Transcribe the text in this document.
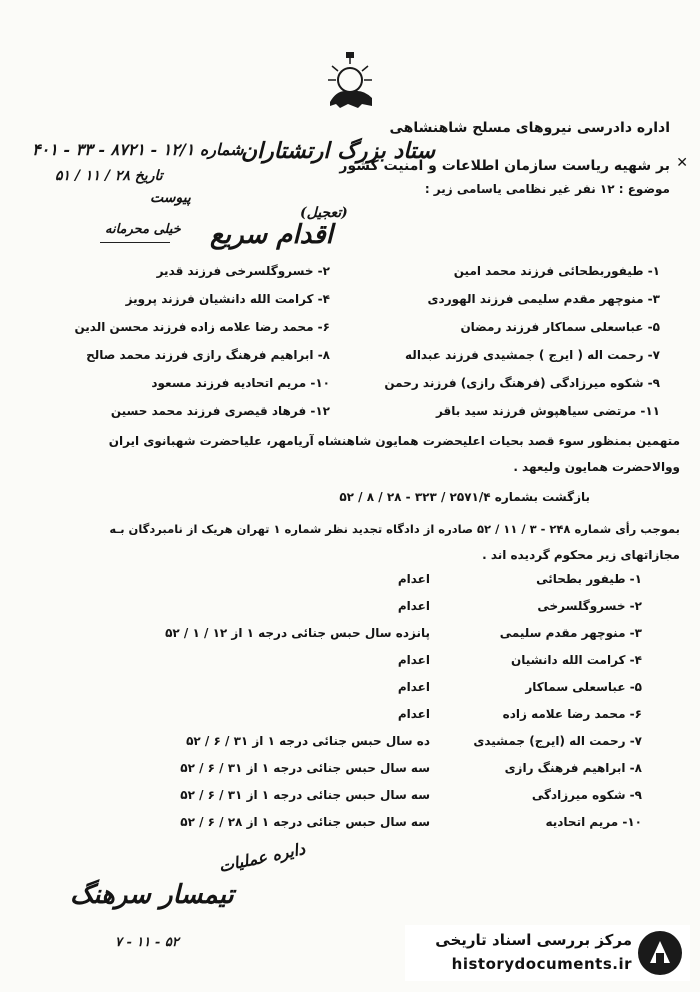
اداره دادرسی نیروهای مسلح شاهنشاهی
ستاد بزرگ ارتشتاران
بر شهیه ریاست سازمان اطلاعات و امنیت کشور ✕
موضوع : ۱۲ نفر غیر نظامی یاسامی زیر :
شماره ۱۲/۱ - ۸۷۲۱ - ۳۳ - ۴۰۱
تاریخ ۲۸ / ۱۱ / ۵۱
پیوست
خیلی محرمانه
(تعجیل)
اقدام سریع
۱- طیفوربطحائی فرزند محمد امین
۲- خسروگلسرخی فرزند قدیر
۳- منوچهر مقدم سلیمی فرزند الهوردی
۴- کرامت الله دانشیان فرزند پرویز
۵- عباسعلی سماکار فرزند رمضان
۶- محمد رضا علامه زاده فرزند محسن الدین
۷- رحمت اله ( ایرج ) جمشیدی فرزند عبداله
۸- ابراهیم فرهنگ رازی فرزند محمد صالح
۹- شکوه میرزادگی (فرهنگ رازی) فرزند رحمن
۱۰- مریم اتحادیه فرزند مسعود
۱۱- مرتضی سیاهپوش فرزند سید باقر
۱۲- فرهاد قیصری فرزند محمد حسین
متهمین بمنظور سوء قصد بحیات اعلیحضرت همایون شاهنشاه آریامهر، علیاحضرت شهبانوی ایران
ووالاحضرت همایون ولیعهد .
بازگشت بشماره ۲۵۷۱/۴ / ۳۲۳ - ۲۸ / ۸ / ۵۲
بموجب رأی شماره ۲۴۸ - ۳ / ۱۱ / ۵۲ صادره از دادگاه تجدید نظر شماره ۱ تهران هریک از نامبردگان بـه
مجازاتهای زیر محکوم گردیده اند .
۱- طیفور بطحائی
اعدام
۲- خسروگلسرخی
اعدام
۳- منوچهر مقدم سلیمی
پانزده سال حبس جنائی درجه ۱ از ۱۲ / ۱ / ۵۲
۴- کرامت الله دانشیان
اعدام
۵- عباسعلی سماکار
اعدام
۶- محمد رضا علامه زاده
اعدام
۷- رحمت اله (ایرج) جمشیدی
ده سال حبس جنائی درجه ۱ از ۳۱ / ۶ / ۵۲
۸- ابراهیم فرهنگ رازی
سه سال حبس جنائی درجه ۱ از ۳۱ / ۶ / ۵۲
۹- شکوه میرزادگی
سه سال حبس جنائی درجه ۱ از ۳۱ / ۶ / ۵۲
۱۰- مریم اتحادیه
سه سال حبس جنائی درجه ۱ از ۲۸ / ۶ / ۵۲
دایره عملیات
تیمسار سرهنگ
۷ - ۱۱ - ۵۲	مرکز بررسی اسناد تاریخی
historydocuments.ir
